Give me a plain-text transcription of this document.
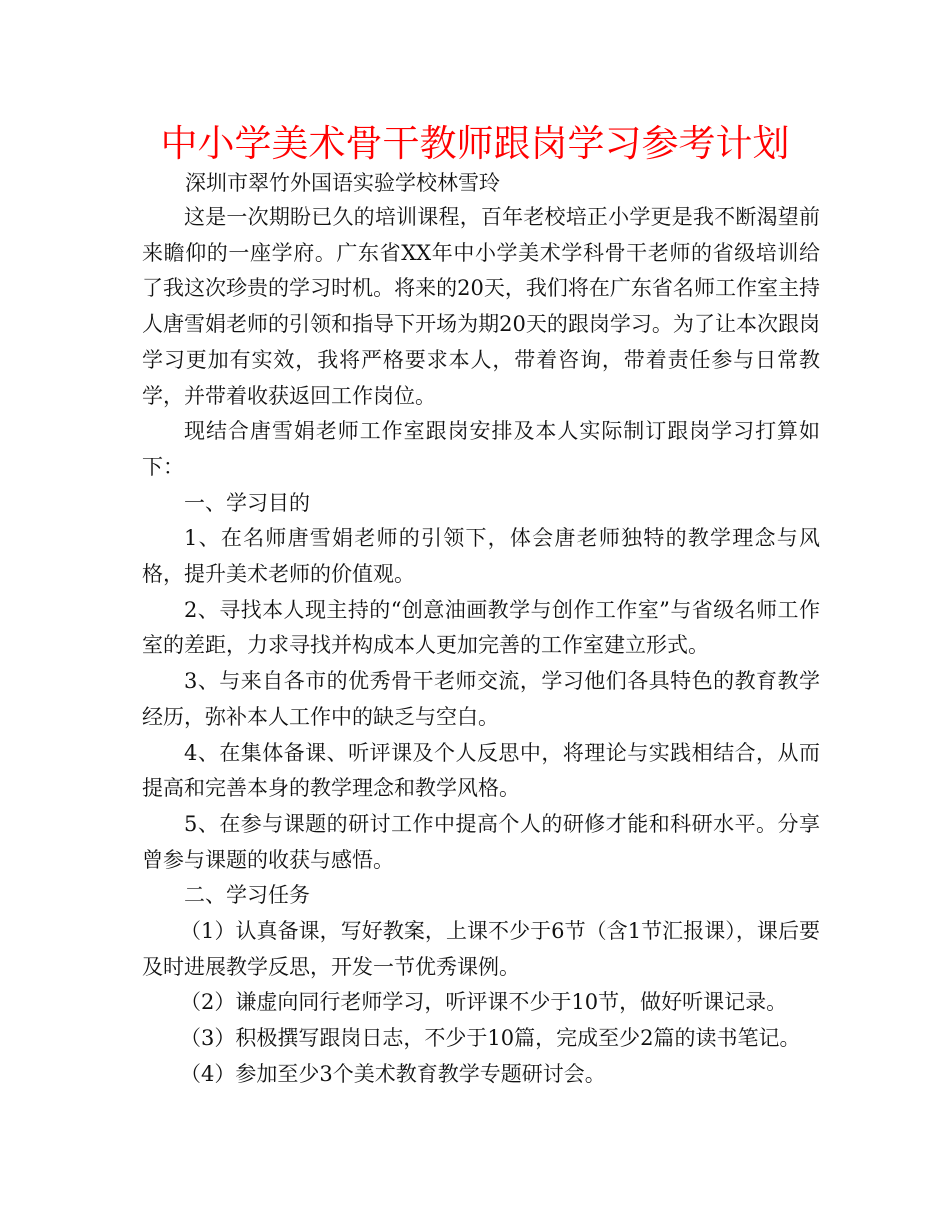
中小学美术骨干教师跟岗学习参考计划
深圳市翠竹外国语实验学校林雪玲

这是一次期盼已久的培训课程，百年老校培正小学更是我不断渴望前来瞻仰的一座学府。广东省XX年中小学美术学科骨干老师的省级培训给了我这次珍贵的学习时机。将来的20天，我们将在广东省名师工作室主持人唐雪娟老师的引领和指导下开场为期20天的跟岗学习。为了让本次跟岗学习更加有实效，我将严格要求本人，带着咨询，带着责任参与日常教学，并带着收获返回工作岗位。

现结合唐雪娟老师工作室跟岗安排及本人实际制订跟岗学习打算如下：

一、学习目的

1、在名师唐雪娟老师的引领下，体会唐老师独特的教学理念与风格，提升美术老师的价值观。

2、寻找本人现主持的“创意油画教学与创作工作室”与省级名师工作室的差距，力求寻找并构成本人更加完善的工作室建立形式。

3、与来自各市的优秀骨干老师交流，学习他们各具特色的教育教学经历，弥补本人工作中的缺乏与空白。

4、在集体备课、听评课及个人反思中，将理论与实践相结合，从而提高和完善本身的教学理念和教学风格。

5、在参与课题的研讨工作中提高个人的研修才能和科研水平。分享曾参与课题的收获与感悟。

二、学习任务

（1）认真备课，写好教案，上课不少于6节（含1节汇报课），课后要及时进展教学反思，开发一节优秀课例。

（2）谦虚向同行老师学习，听评课不少于10节，做好听课记录。

（3）积极撰写跟岗日志，不少于10篇，完成至少2篇的读书笔记。

（4）参加至少3个美术教育教学专题研讨会。
